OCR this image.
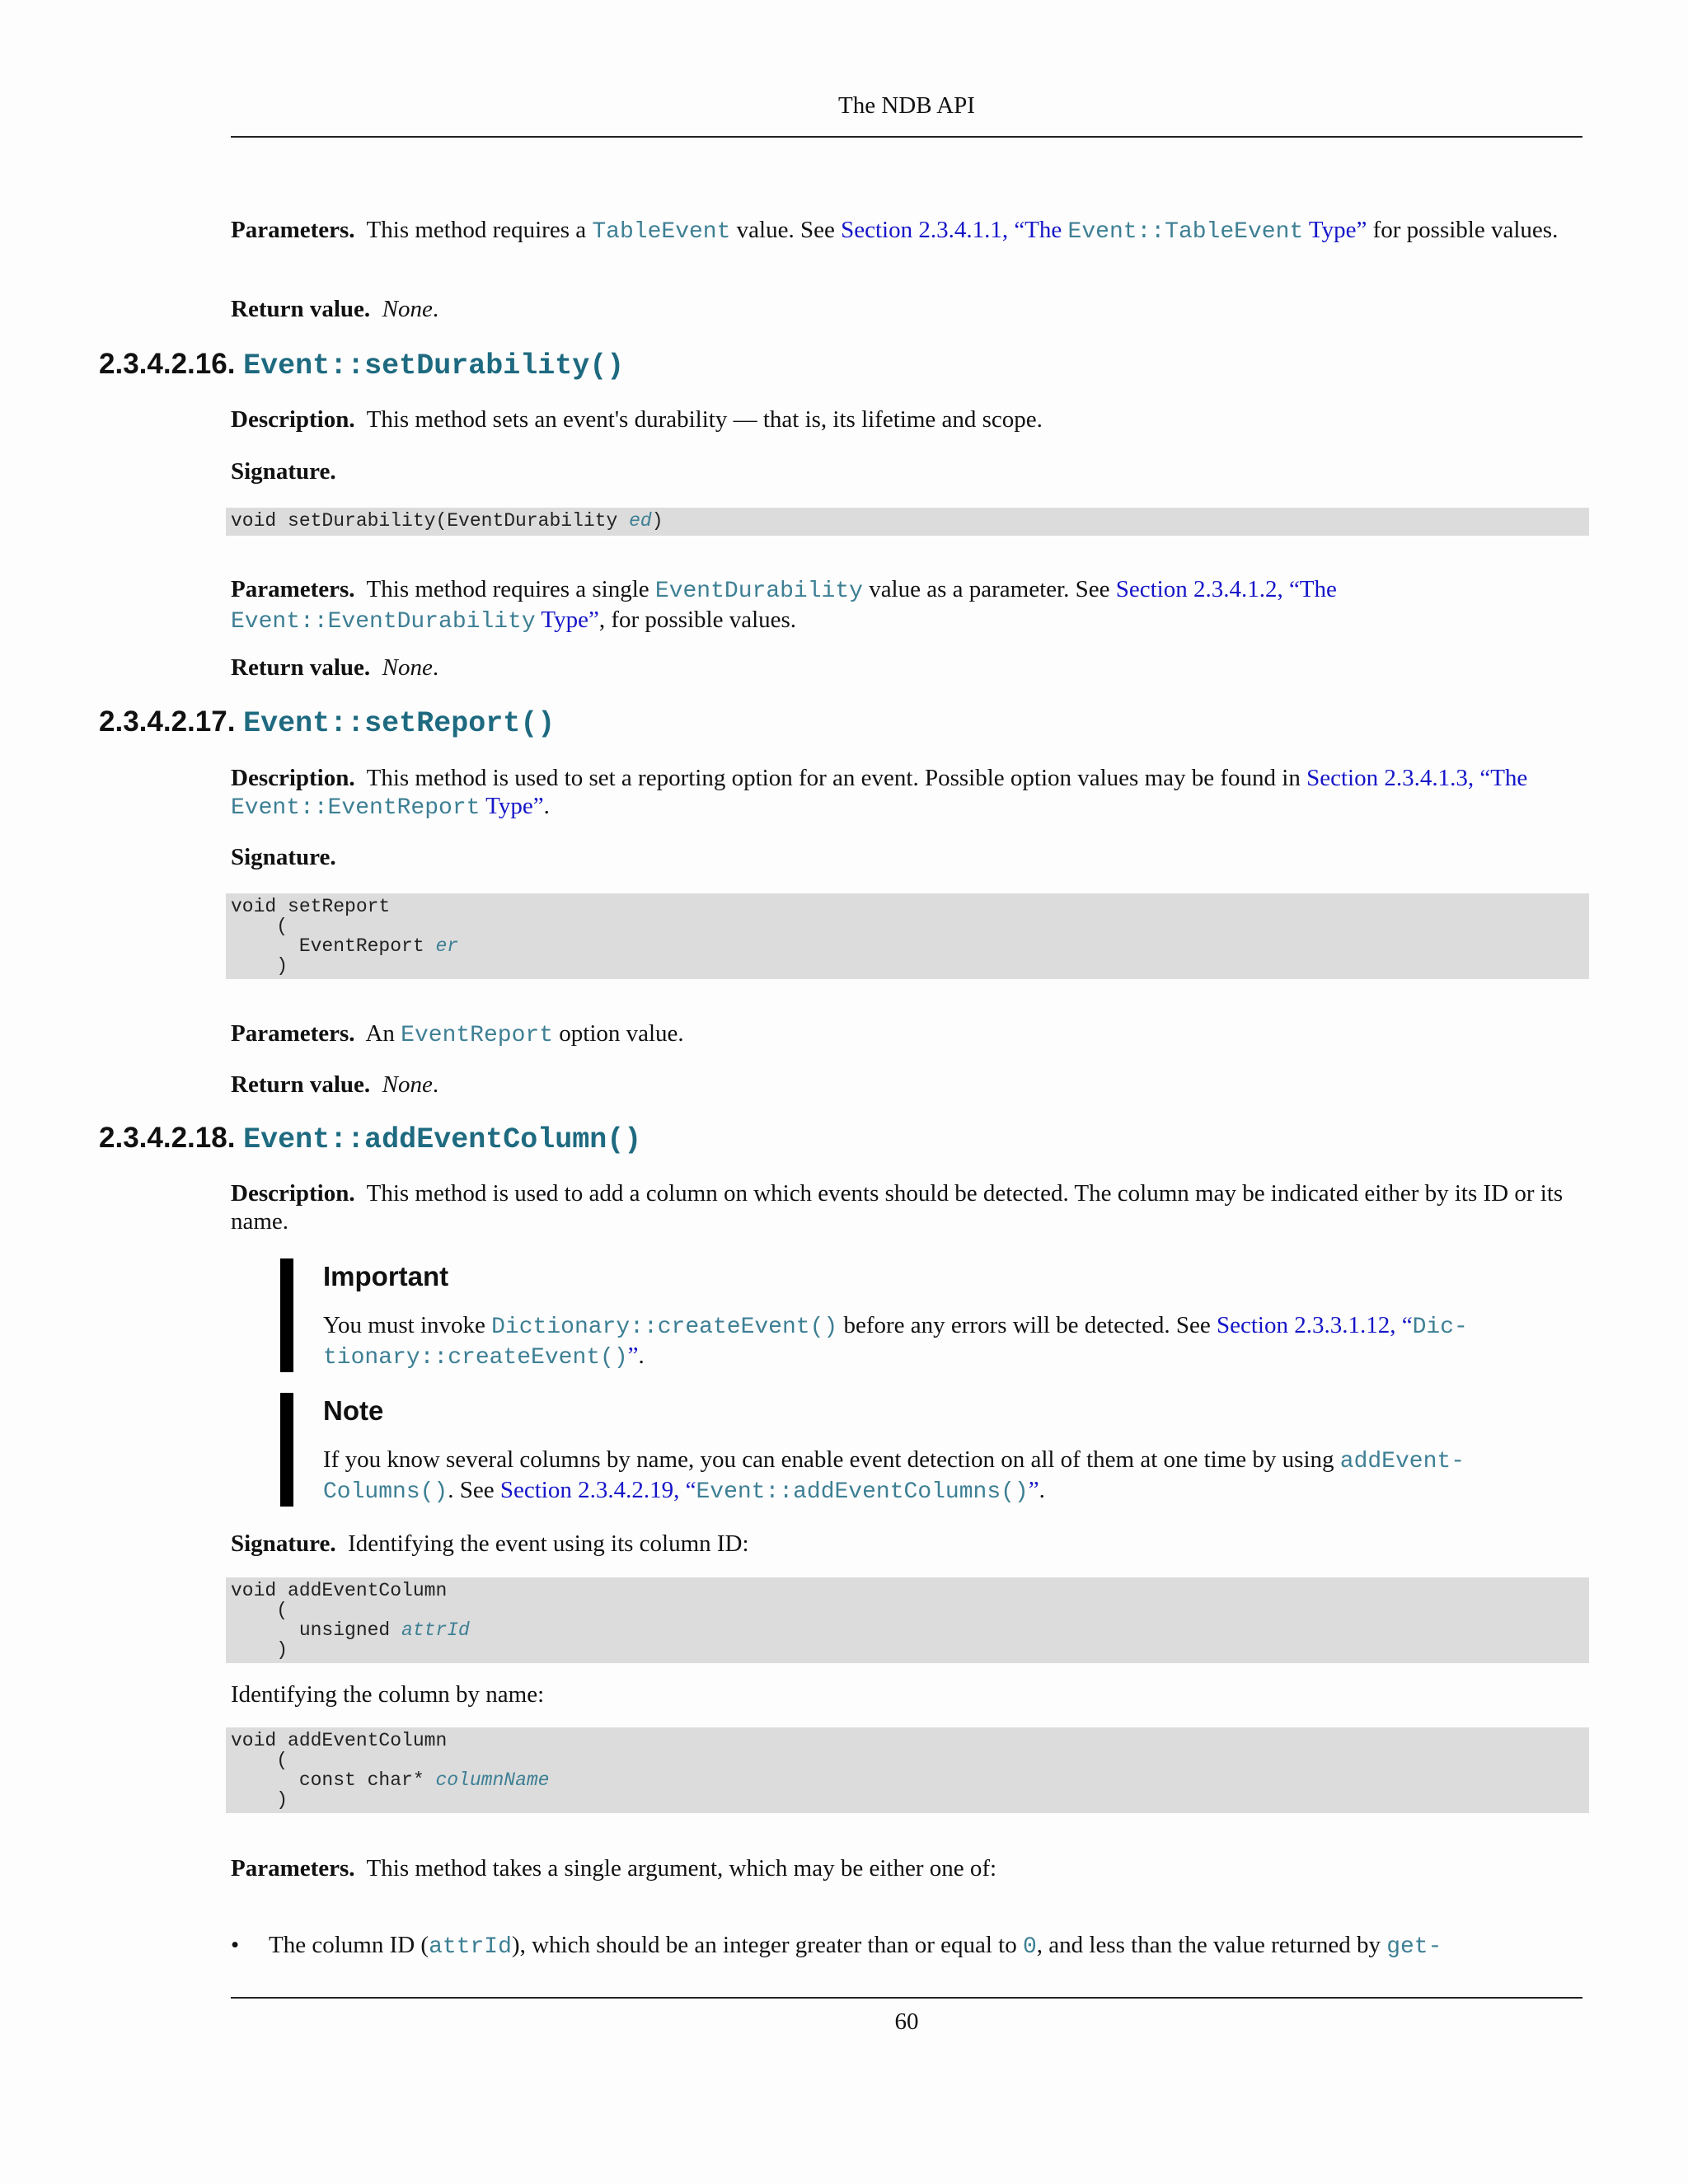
The NDB API
Parameters. This method requires a TableEvent value. See Section 2.3.4.1.1, “The Event::TableEvent Type” for possible values.
Return value. None.
2.3.4.2.16. Event::setDurability()
Description. This method sets an event's durability — that is, its lifetime and scope.
Signature.
void setDurability(EventDurability ed)
Parameters. This method requires a single EventDurability value as a parameter. See Section 2.3.4.1.2, “The
Event::EventDurability Type”, for possible values.
Return value. None.
2.3.4.2.17. Event::setReport()
Description. This method is used to set a reporting option for an event. Possible option values may be found in Section 2.3.4.1.3, “The
Event::EventReport Type”.
Signature.
void setReport
(
EventReport er
)
Parameters. An EventReport option value.
Return value. None.
2.3.4.2.18. Event::addEventColumn()
Description. This method is used to add a column on which events should be detected. The column may be indicated either by its ID or its name.
Important
You must invoke Dictionary::createEvent() before any errors will be detected. See Section 2.3.3.1.12, “Dic-tionary::createEvent()”.
Note
If you know several columns by name, you can enable event detection on all of them at one time by using addEvent-Columns(). See Section 2.3.4.2.19, “Event::addEventColumns()”.
Signature. Identifying the event using its column ID:
void addEventColumn
(
unsigned attrId
)
Identifying the column by name:
void addEventColumn
(
const char* columnName
)
Parameters. This method takes a single argument, which may be either one of:
• The column ID (attrId), which should be an integer greater than or equal to 0, and less than the value returned by get-
60
